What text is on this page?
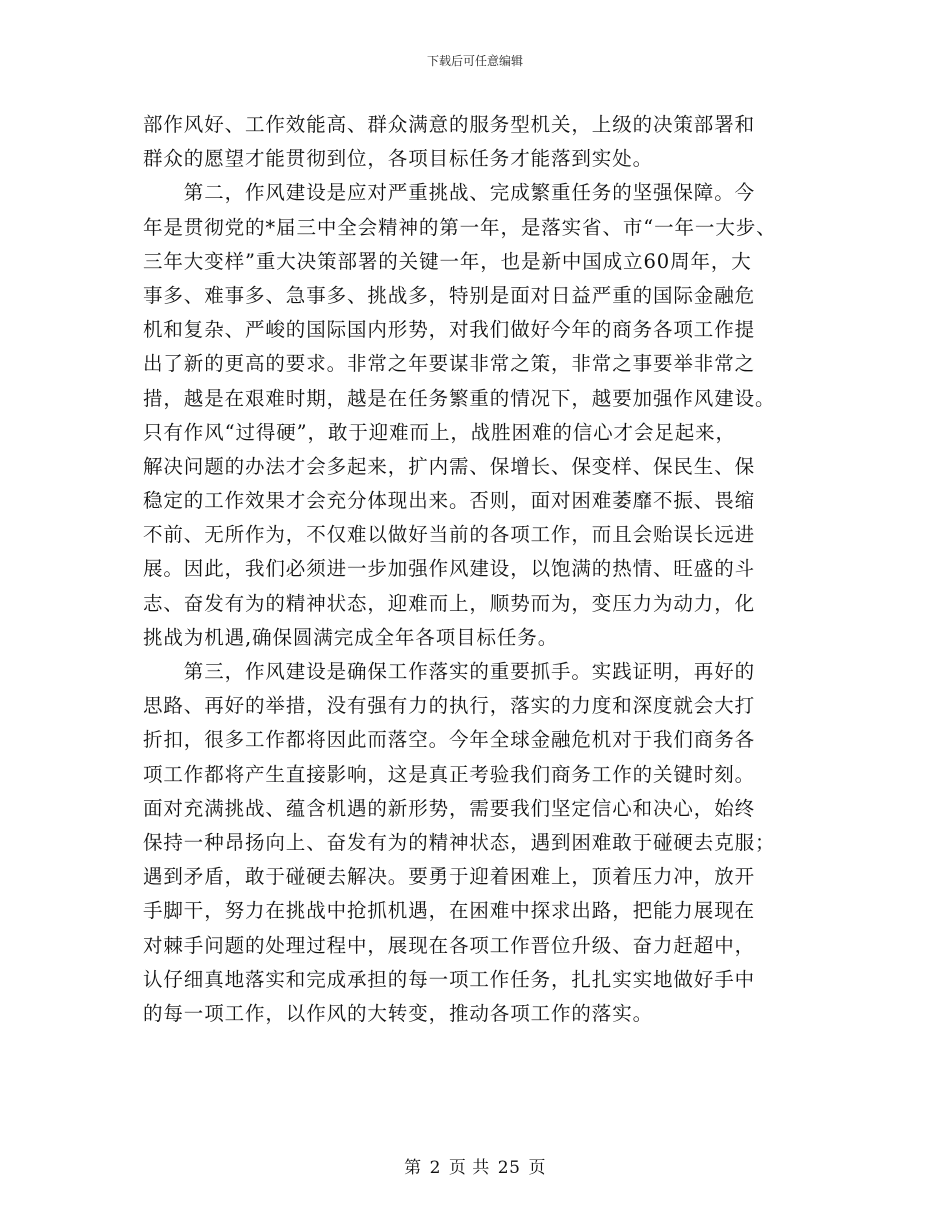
下载后可任意编辑
部作风好、工作效能高、群众满意的服务型机关，上级的决策部署和
群众的愿望才能贯彻到位，各项目标任务才能落到实处。
　　第二，作风建设是应对严重挑战、完成繁重任务的坚强保障。今
年是贯彻党的*届三中全会精神的第一年，是落实省、市“一年一大步、
三年大变样”重大决策部署的关键一年，也是新中国成立60周年，大
事多、难事多、急事多、挑战多，特别是面对日益严重的国际金融危
机和复杂、严峻的国际国内形势，对我们做好今年的商务各项工作提
出了新的更高的要求。非常之年要谋非常之策，非常之事要举非常之
措，越是在艰难时期，越是在任务繁重的情况下，越要加强作风建设。
只有作风“过得硬”，敢于迎难而上，战胜困难的信心才会足起来，
解决问题的办法才会多起来，扩内需、保增长、保变样、保民生、保
稳定的工作效果才会充分体现出来。否则，面对困难萎靡不振、畏缩
不前、无所作为，不仅难以做好当前的各项工作，而且会贻误长远进
展。因此，我们必须进一步加强作风建设，以饱满的热情、旺盛的斗
志、奋发有为的精神状态，迎难而上，顺势而为，变压力为动力，化
挑战为机遇,确保圆满完成全年各项目标任务。
　　第三，作风建设是确保工作落实的重要抓手。实践证明，再好的
思路、再好的举措，没有强有力的执行，落实的力度和深度就会大打
折扣，很多工作都将因此而落空。今年全球金融危机对于我们商务各
项工作都将产生直接影响，这是真正考验我们商务工作的关键时刻。
面对充满挑战、蕴含机遇的新形势，需要我们坚定信心和决心，始终
保持一种昂扬向上、奋发有为的精神状态，遇到困难敢于碰硬去克服；
遇到矛盾，敢于碰硬去解决。要勇于迎着困难上，顶着压力冲，放开
手脚干，努力在挑战中抢抓机遇，在困难中探求出路，把能力展现在
对棘手问题的处理过程中，展现在各项工作晋位升级、奋力赶超中，
认仔细真地落实和完成承担的每一项工作任务，扎扎实实地做好手中
的每一项工作，以作风的大转变，推动各项工作的落实。
第 2 页 共 25 页
